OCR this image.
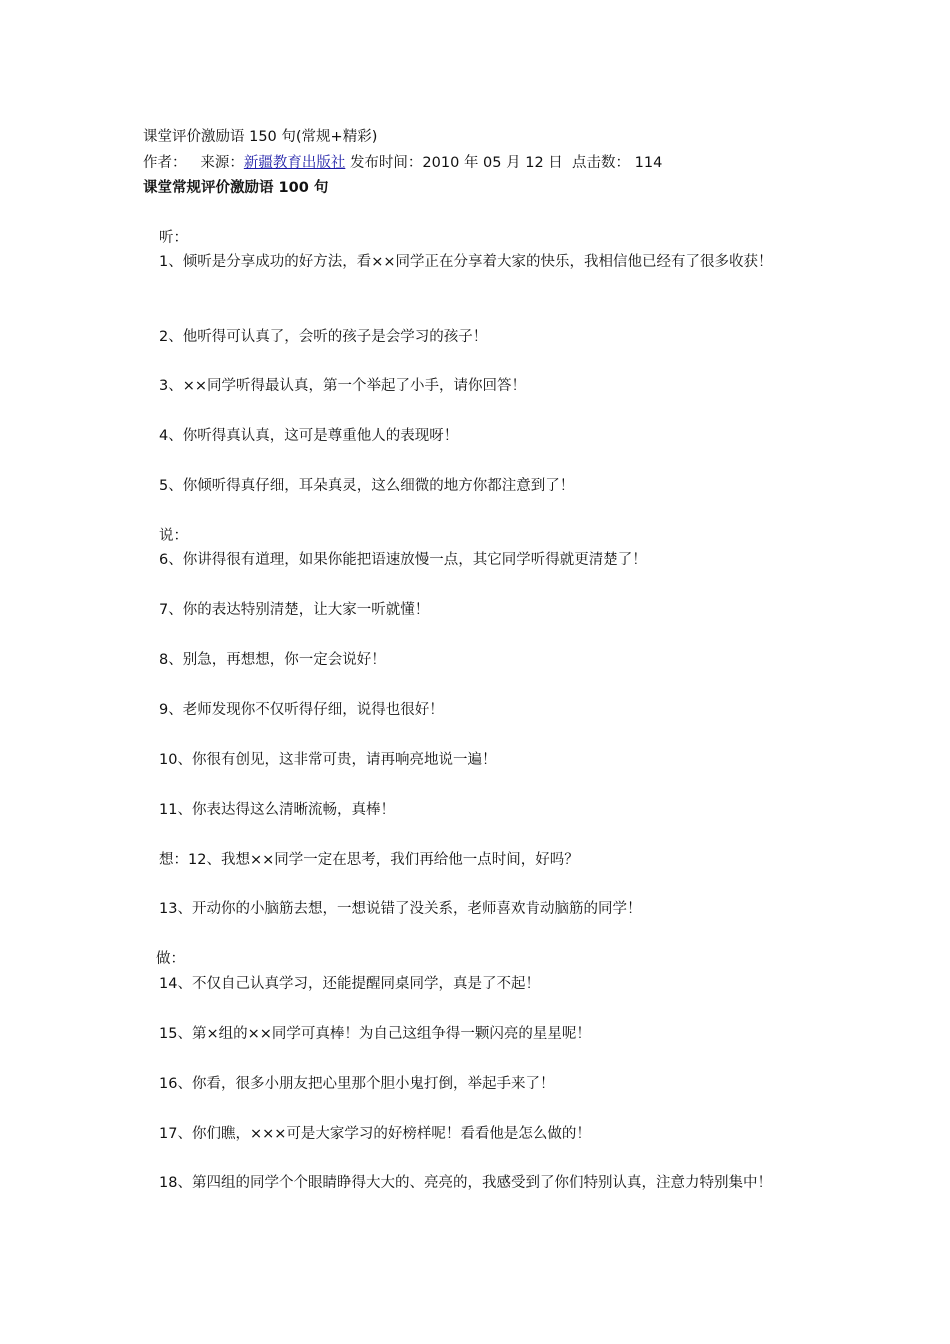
课堂评价激励语 150 句(常规+精彩)
作者： 来源：新疆教育出版社 发布时间：2010 年 05 月 12 日 点击数： 114
课堂常规评价激励语 100 句
听：
1、倾听是分享成功的好方法，看××同学正在分享着大家的快乐，我相信他已经有了很多收获！
2、他听得可认真了，会听的孩子是会学习的孩子！
3、××同学听得最认真，第一个举起了小手，请你回答！
4、你听得真认真，这可是尊重他人的表现呀！
5、你倾听得真仔细，耳朵真灵，这么细微的地方你都注意到了！
说：
6、你讲得很有道理，如果你能把语速放慢一点，其它同学听得就更清楚了！
7、你的表达特别清楚，让大家一听就懂！
8、别急，再想想，你一定会说好！
9、老师发现你不仅听得仔细，说得也很好！
10、你很有创见，这非常可贵，请再响亮地说一遍！
11、你表达得这么清晰流畅，真棒！
想：12、我想××同学一定在思考，我们再给他一点时间，好吗？
13、开动你的小脑筋去想，一想说错了没关系，老师喜欢肯动脑筋的同学！
做：
14、不仅自己认真学习，还能提醒同桌同学，真是了不起！
15、第×组的××同学可真棒！为自己这组争得一颗闪亮的星星呢！
16、你看，很多小朋友把心里那个胆小鬼打倒，举起手来了！
17、你们瞧，×××可是大家学习的好榜样呢！看看他是怎么做的！
18、第四组的同学个个眼睛睁得大大的、亮亮的，我感受到了你们特别认真，注意力特别集中！
